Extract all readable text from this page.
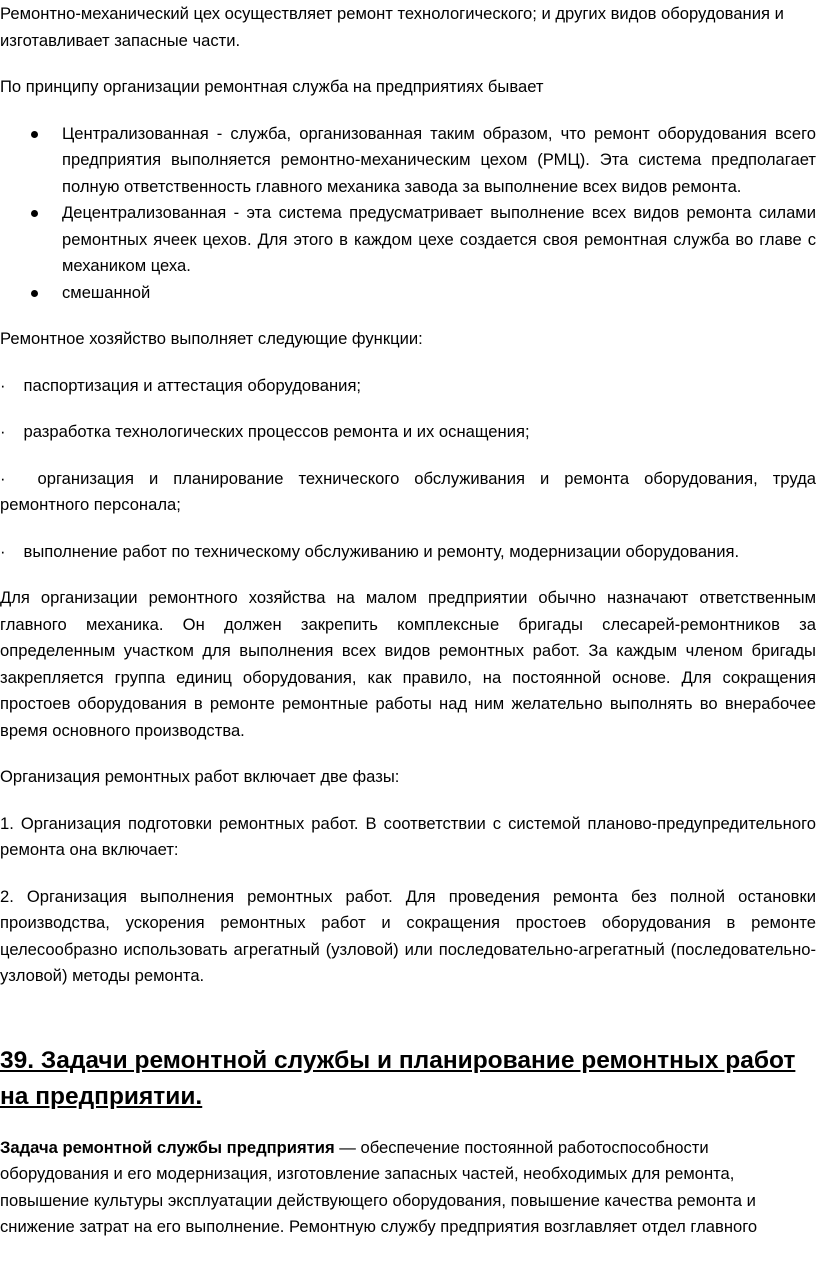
Ремонтно-механический цех осуществляет ремонт технологического; и других видов оборудования и изготавливает запасные части.

По принципу организации ремонтная служба на предприятиях бывает

Централизованная - служба, организованная таким образом, что ремонт оборудования всего предприятия выполняется ремонтно-механическим цехом (РМЦ). Эта система предполагает полную ответственность главного механика завода за выполнение всех видов ремонта.
Децентрализованная - эта система предусматривает выполнение всех видов ремонта силами ремонтных ячеек цехов. Для этого в каждом цехе создается своя ремонтная служба во главе с механиком цеха.
смешанной

Ремонтное хозяйство выполняет следующие функции:

· паспортизация и аттестация оборудования;

· разработка технологических процессов ремонта и их оснащения;

· организация и планирование технического обслуживания и ремонта оборудования, труда ремонтного персонала;

· выполнение работ по техническому обслуживанию и ремонту, модернизации оборудования.

Для организации ремонтного хозяйства на малом предприятии обычно назначают ответственным главного механика. Он должен закрепить комплексные бригады слесарей-ремонтников за определенным участком для выполнения всех видов ремонтных работ. За каждым членом бригады закрепляется группа единиц оборудования, как правило, на постоянной основе. Для сокращения простоев оборудования в ремонте ремонтные работы над ним желательно выполнять во внерабочее время основного производства.

Организация ремонтных работ включает две фазы:

1. Организация подготовки ремонтных работ. В соответствии с системой планово-предупредительного ремонта она включает:

2. Организация выполнения ремонтных работ. Для проведения ремонта без полной остановки производства, ускорения ремонтных работ и сокращения простоев оборудования в ремонте целесообразно использовать агрегатный (узловой) или последовательно-агрегатный (последовательно-узловой) методы ремонта.

39. Задачи ремонтной службы и планирование ремонтных работ на предприятии.

Задача ремонтной службы предприятия — обеспечение постоянной работоспособности оборудования и его модернизация, изготовление запасных частей, необходимых для ремонта, повышение культуры эксплуатации действующего оборудования, повышение качества ремонта и снижение затрат на его выполнение. Ремонтную службу предприятия возглавляет отдел главного
